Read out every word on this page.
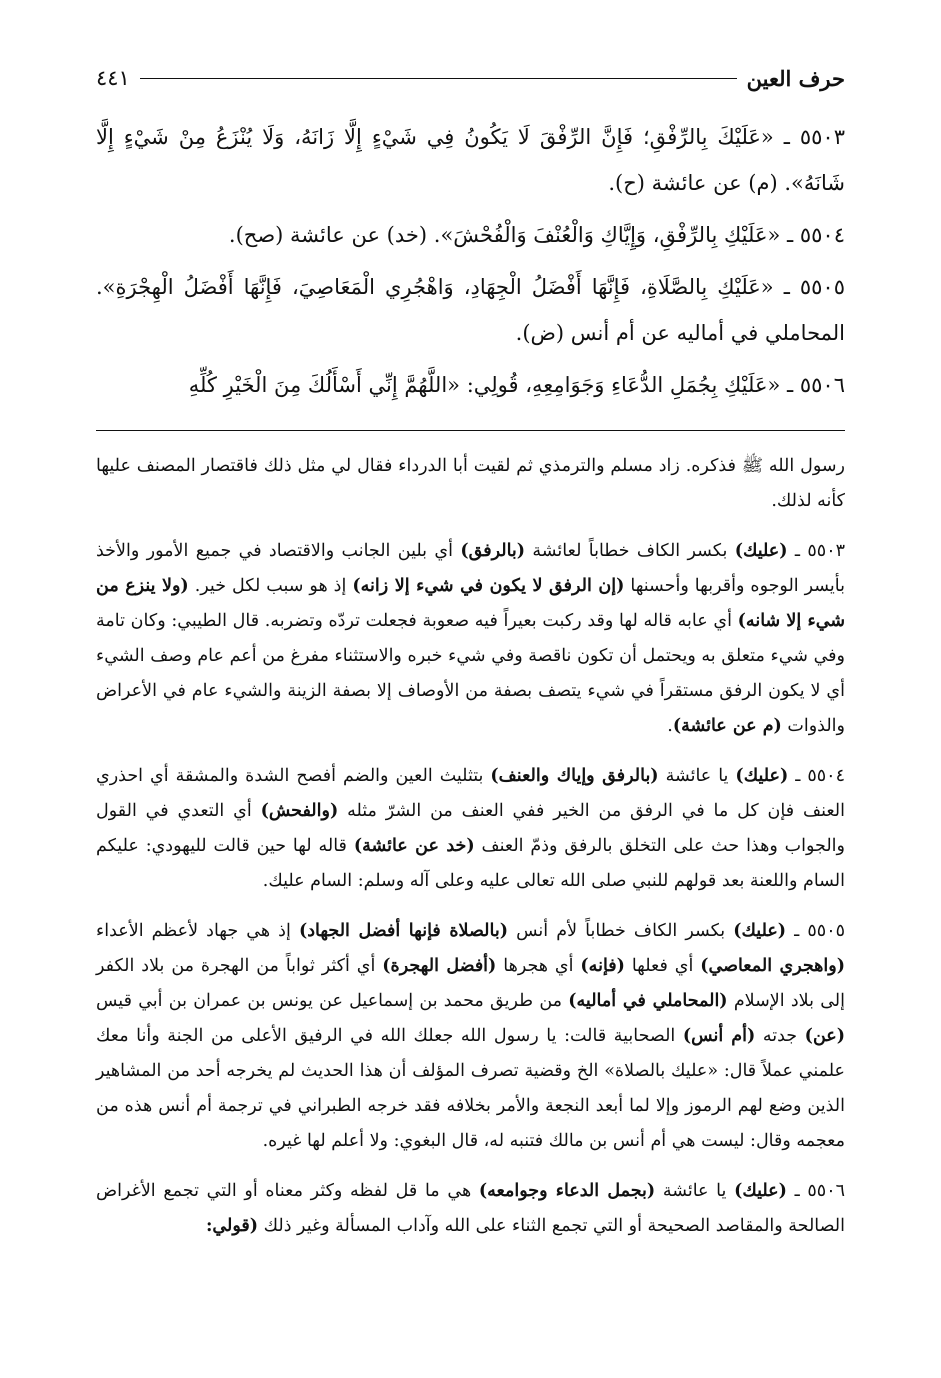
حرف العين
٤٤١

٥٥٠٣ ـ «عَلَيْكَ بِالرِّفْقِ؛ فَإِنَّ الرِّفْقَ لَا يَكُونُ فِي شَيْءٍ إِلَّا زَانَهُ، وَلَا يُنْزَعُ مِنْ شَيْءٍ إِلَّا شَانَهُ». (م) عن عائشة (ح).

٥٥٠٤ ـ «عَلَيْكِ بِالرِّفْقِ، وَإِيَّاكِ وَالْعُنْفَ وَالْفُحْشَ». (خد) عن عائشة (صح).

٥٥٠٥ ـ «عَلَيْكِ بِالصَّلَاةِ، فَإِنَّهَا أَفْضَلُ الْجِهَادِ، وَاهْجُرِي الْمَعَاصِيَ، فَإِنَّهَا أَفْضَلُ الْهِجْرَةِ». المحاملي في أماليه عن أم أنس (ض).

٥٥٠٦ ـ «عَلَيْكِ بِجُمَلِ الدُّعَاءِ وَجَوَامِعِهِ، قُولِي: «اللَّهُمَّ إِنِّي أَسْأَلُكَ مِنَ الْخَيْرِ كُلِّهِ

رسول الله ﷺ فذكره. زاد مسلم والترمذي ثم لقيت أبا الدرداء فقال لي مثل ذلك فاقتصار المصنف عليها كأنه لذلك.

٥٥٠٣ ـ (عليك) بكسر الكاف خطاباً لعائشة (بالرفق) أي بلين الجانب والاقتصاد في جميع الأمور والأخذ بأيسر الوجوه وأقربها وأحسنها (إن الرفق لا يكون في شيء إلا زانه) إذ هو سبب لكل خير. (ولا ينزع من شيء إلا شانه) أي عابه قاله لها وقد ركبت بعيراً فيه صعوبة فجعلت تردّه وتضربه. قال الطيبي: وكان تامة وفي شيء متعلق به ويحتمل أن تكون ناقصة وفي شيء خبره والاستثناء مفرغ من أعم عام وصف الشيء أي لا يكون الرفق مستقراً في شيء يتصف بصفة من الأوصاف إلا بصفة الزينة والشيء عام في الأعراض والذوات (م عن عائشة).

٥٥٠٤ ـ (عليك) يا عائشة (بالرفق وإياك والعنف) بتثليث العين والضم أفصح الشدة والمشقة أي احذري العنف فإن كل ما في الرفق من الخير ففي العنف من الشرّ مثله (والفحش) أي التعدي في القول والجواب وهذا حث على التخلق بالرفق وذمّ العنف (خد عن عائشة) قاله لها حين قالت لليهودي: عليكم السام واللعنة بعد قولهم للنبي صلى الله تعالى عليه وعلى آله وسلم: السام عليك.

٥٥٠٥ ـ (عليك) بكسر الكاف خطاباً لأم أنس (بالصلاة فإنها أفضل الجهاد) إذ هي جهاد لأعظم الأعداء (واهجري المعاصي) أي فعلها (فإنه) أي هجرها (أفضل الهجرة) أي أكثر ثواباً من الهجرة من بلاد الكفر إلى بلاد الإسلام (المحاملي في أماليه) من طريق محمد بن إسماعيل عن يونس بن عمران بن أبي قيس (عن) جدته (أم أنس) الصحابية قالت: يا رسول الله جعلك الله في الرفيق الأعلى من الجنة وأنا معك علمني عملاً قال: «عليك بالصلاة» الخ وقضية تصرف المؤلف أن هذا الحديث لم يخرجه أحد من المشاهير الذين وضع لهم الرموز وإلا لما أبعد النجعة والأمر بخلافه فقد خرجه الطبراني في ترجمة أم أنس هذه من معجمه وقال: ليست هي أم أنس بن مالك فتنبه له، قال البغوي: ولا أعلم لها غيره.

٥٥٠٦ ـ (عليك) يا عائشة (بجمل الدعاء وجوامعه) هي ما قل لفظه وكثر معناه أو التي تجمع الأغراض الصالحة والمقاصد الصحيحة أو التي تجمع الثناء على الله وآداب المسألة وغير ذلك (قولي:
